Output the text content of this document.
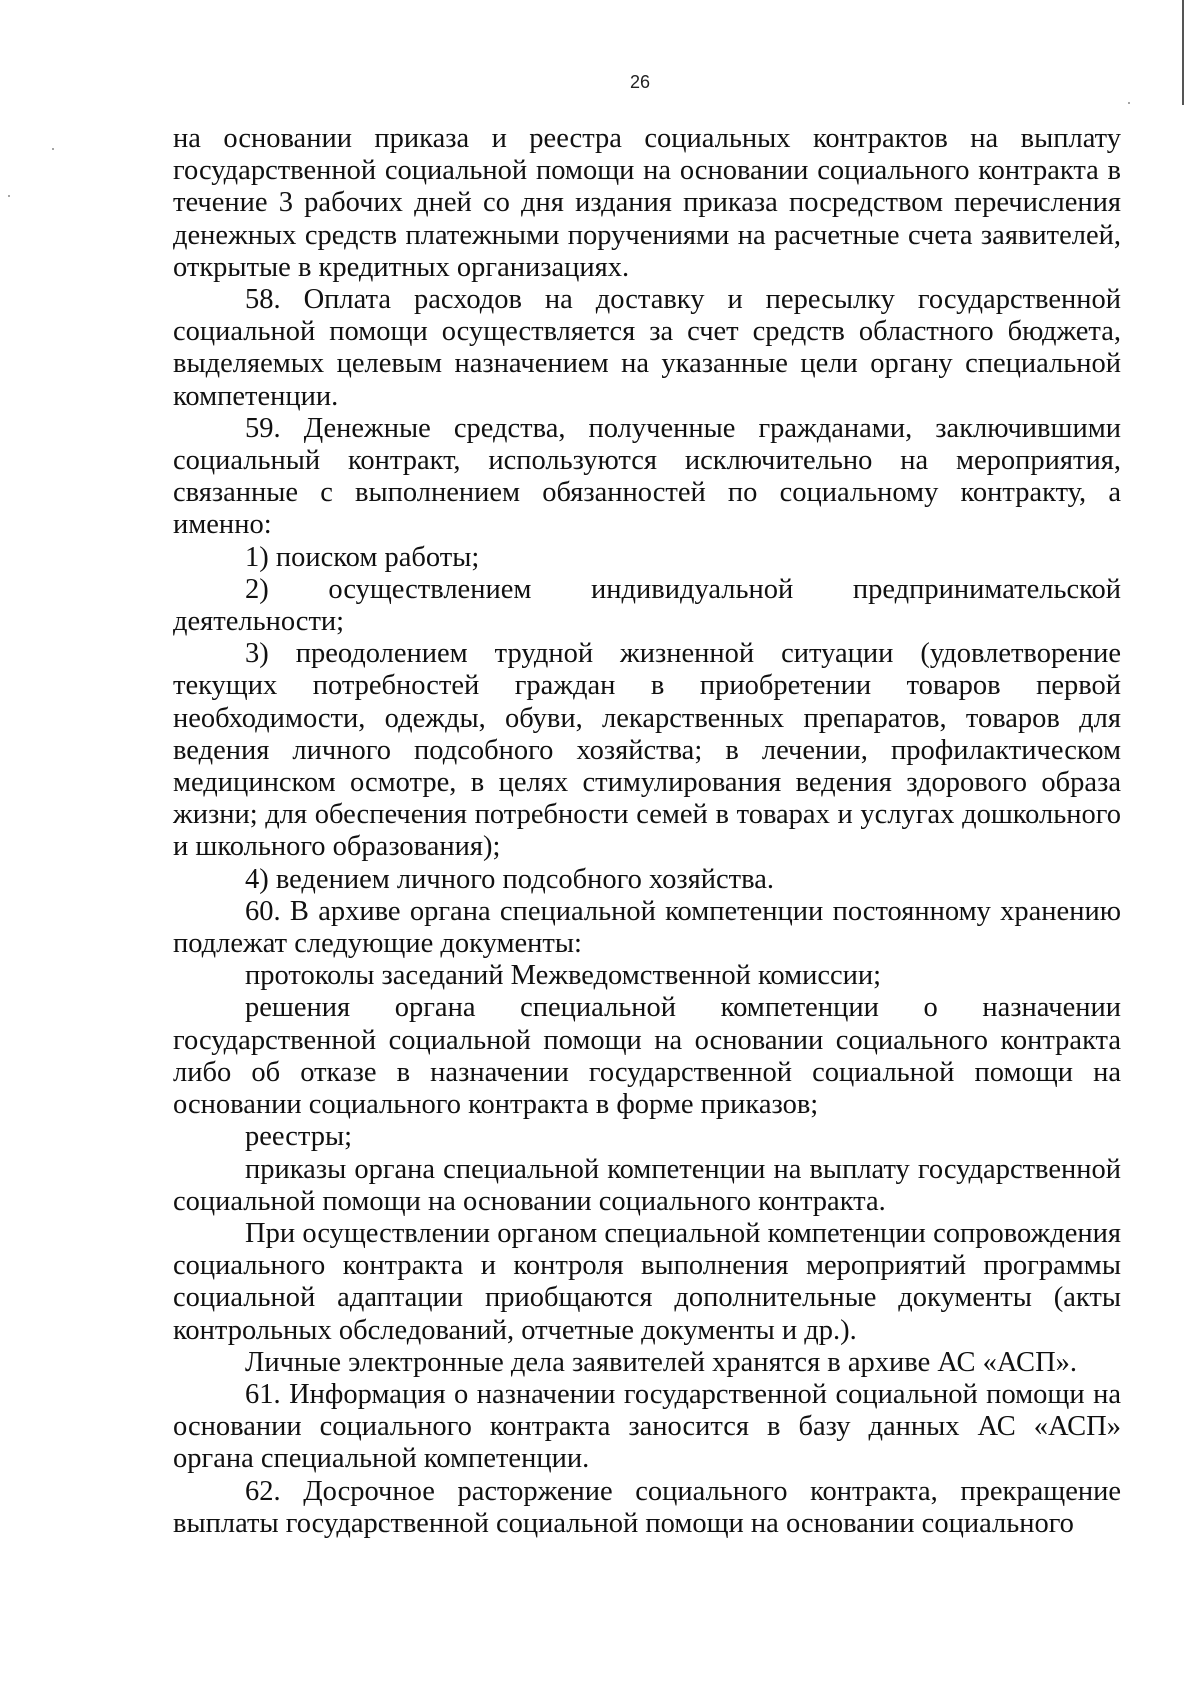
26

на основании приказа и реестра социальных контрактов на выплату государственной социальной помощи на основании социального контракта в течение 3 рабочих дней со дня издания приказа посредством перечисления денежных средств платежными поручениями на расчетные счета заявителей, открытые в кредитных организациях.

58. Оплата расходов на доставку и пересылку государственной социальной помощи осуществляется за счет средств областного бюджета, выделяемых целевым назначением на указанные цели органу специальной компетенции.

59. Денежные средства, полученные гражданами, заключившими социальный контракт, используются исключительно на мероприятия, связанные с выполнением обязанностей по социальному контракту, а именно:

1) поиском работы;

2) осуществлением индивидуальной предпринимательской деятельности;

3) преодолением трудной жизненной ситуации (удовлетворение текущих потребностей граждан в приобретении товаров первой необходимости, одежды, обуви, лекарственных препаратов, товаров для ведения личного подсобного хозяйства; в лечении, профилактическом медицинском осмотре, в целях стимулирования ведения здорового образа жизни; для обеспечения потребности семей в товарах и услугах дошкольного и школьного образования);

4) ведением личного подсобного хозяйства.

60. В архиве органа специальной компетенции постоянному хранению подлежат следующие документы:

протоколы заседаний Межведомственной комиссии;

решения органа специальной компетенции о назначении государственной социальной помощи на основании социального контракта либо об отказе в назначении государственной социальной помощи на основании социального контракта в форме приказов;

реестры;

приказы органа специальной компетенции на выплату государственной социальной помощи на основании социального контракта.

При осуществлении органом специальной компетенции сопровождения социального контракта и контроля выполнения мероприятий программы социальной адаптации приобщаются дополнительные документы (акты контрольных обследований, отчетные документы и др.).

Личные электронные дела заявителей хранятся в архиве АС «АСП».

61. Информация о назначении государственной социальной помощи на основании социального контракта заносится в базу данных АС «АСП» органа специальной компетенции.

62. Досрочное расторжение социального контракта, прекращение выплаты государственной социальной помощи на основании социального
